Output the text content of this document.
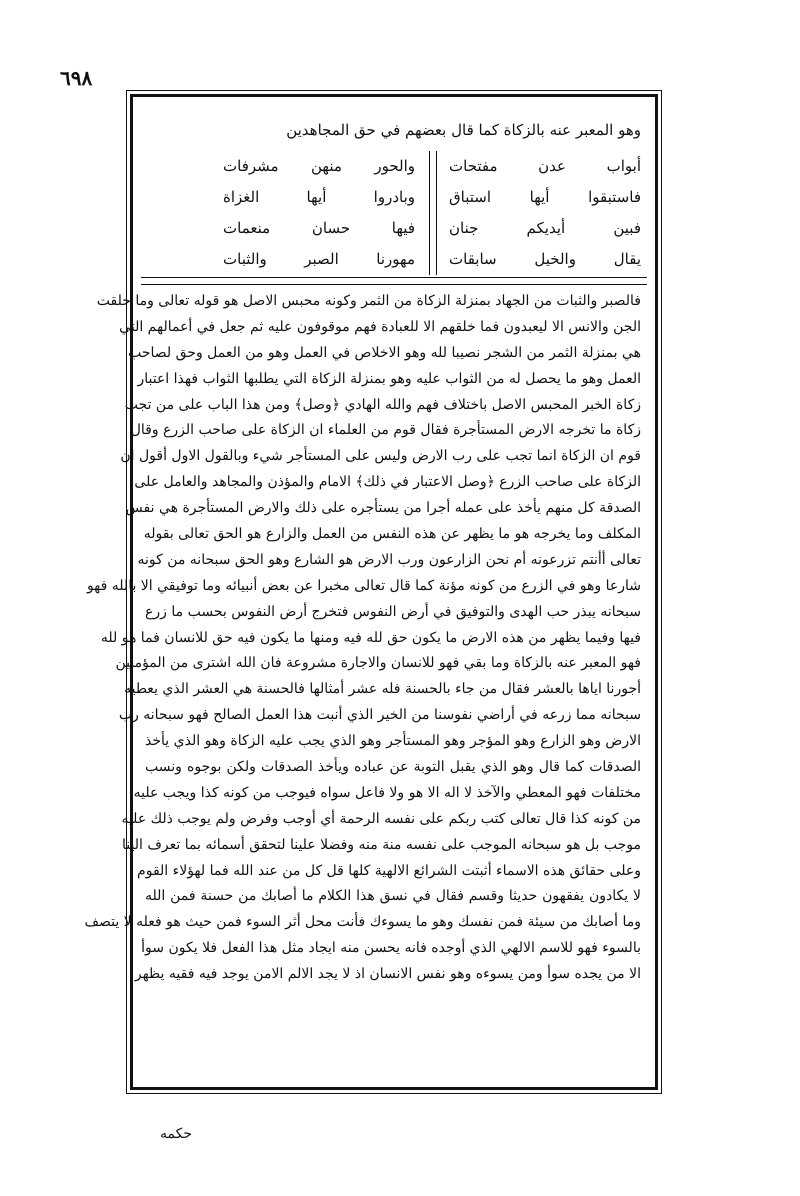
٦٩٨
وهو المعبر عنه بالزكاة كما قال بعضهم في حق المجاهدين
أبواب عدن مفتحات
والحور منهن مشرفات
فاستبقوا أيها استباق
وبادروا أيها الغزاة
فبين أيديكم جنان
فيها حسان منعمات
يقال والخيل سابقات
مهورنا الصبر والثبات
فالصبر والثبات من الجهاد بمنزلة الزكاة من الثمر وكونه محبس الاصل هو قوله تعالى وما خلقت
الجن والانس الا ليعبدون فما خلقهم الا للعبادة فهم موقوفون عليه ثم جعل في أعمالهم التي
هي بمنزلة الثمر من الشجر نصيبا لله وهو الاخلاص في العمل وهو من العمل وحق لصاحب
العمل وهو ما يحصل له من الثواب عليه وهو بمنزلة الزكاة التي يطلبها الثواب فهذا اعتبار
زكاة الخبر المحبس الاصل باختلاف فهم والله الهادي ﴿وصل﴾ ومن هذا الباب على من تجب
زكاة ما تخرجه الارض المستأجرة فقال قوم من العلماء ان الزكاة على صاحب الزرع وقال
قوم ان الزكاة انما تجب على رب الارض وليس على المستأجر شيء وبالقول الاول أقول ان
الزكاة على صاحب الزرع ﴿وصل الاعتبار في ذلك﴾ الامام والمؤذن والمجاهد والعامل على
الصدقة كل منهم يأخذ على عمله أجرا من يستأجره على ذلك والارض المستأجرة هي نفس
المكلف وما يخرجه هو ما يظهر عن هذه النفس من العمل والزارع هو الحق تعالى بقوله
تعالى أأنتم تزرعونه أم نحن الزارعون ورب الارض هو الشارع وهو الحق سبحانه من كونه
شارعا وهو في الزرع من كونه مؤنة كما قال تعالى مخبرا عن بعض أنبيائه وما توفيقي الا بالله فهو
سبحانه يبذر حب الهدى والتوفيق في أرض النفوس فتخرج أرض النفوس بحسب ما زرع
فيها وفيما يظهر من هذه الارض ما يكون حق لله فيه ومنها ما يكون فيه حق للانسان فما هو لله
فهو المعبر عنه بالزكاة وما بقي فهو للانسان والاجارة مشروعة فان الله اشترى من المؤمنين
أجورنا اياها بالعشر فقال من جاء بالحسنة فله عشر أمثالها فالحسنة هي العشر الذي يعطيه
سبحانه مما زرعه في أراضي نفوسنا من الخير الذي أنبت هذا العمل الصالح فهو سبحانه رب
الارض وهو الزارع وهو المؤجر وهو المستأجر وهو الذي يجب عليه الزكاة وهو الذي يأخذ
الصدقات كما قال وهو الذي يقبل التوبة عن عباده ويأخذ الصدقات ولكن بوجوه ونسب
مختلفات فهو المعطي والآخذ لا اله الا هو ولا فاعل سواه فيوجب من كونه كذا ويجب عليه
من كونه كذا قال تعالى كتب ربكم على نفسه الرحمة أي أوجب وفرض ولم يوجب ذلك عليه
موجب بل هو سبحانه الموجب على نفسه منة منه وفضلا علينا لتحقق أسمائه بما تعرف الينا
وعلى حقائق هذه الاسماء أثبتت الشرائع الالهية كلها قل كل من عند الله فما لهؤلاء القوم
لا يكادون يفقهون حديثا وقسم فقال في نسق هذا الكلام ما أصابك من حسنة فمن الله
وما أصابك من سيئة فمن نفسك وهو ما يسوءك فأنت محل أثر السوء فمن حيث هو فعله لا يتصف
بالسوء فهو للاسم الالهي الذي أوجده فانه يحسن منه ايجاد مثل هذا الفعل فلا يكون سوأ
الا من يجده سوأ ومن يسوءه وهو نفس الانسان اذ لا يجد الالم الامن يوجد فيه فقيه يظهر
حكمه
